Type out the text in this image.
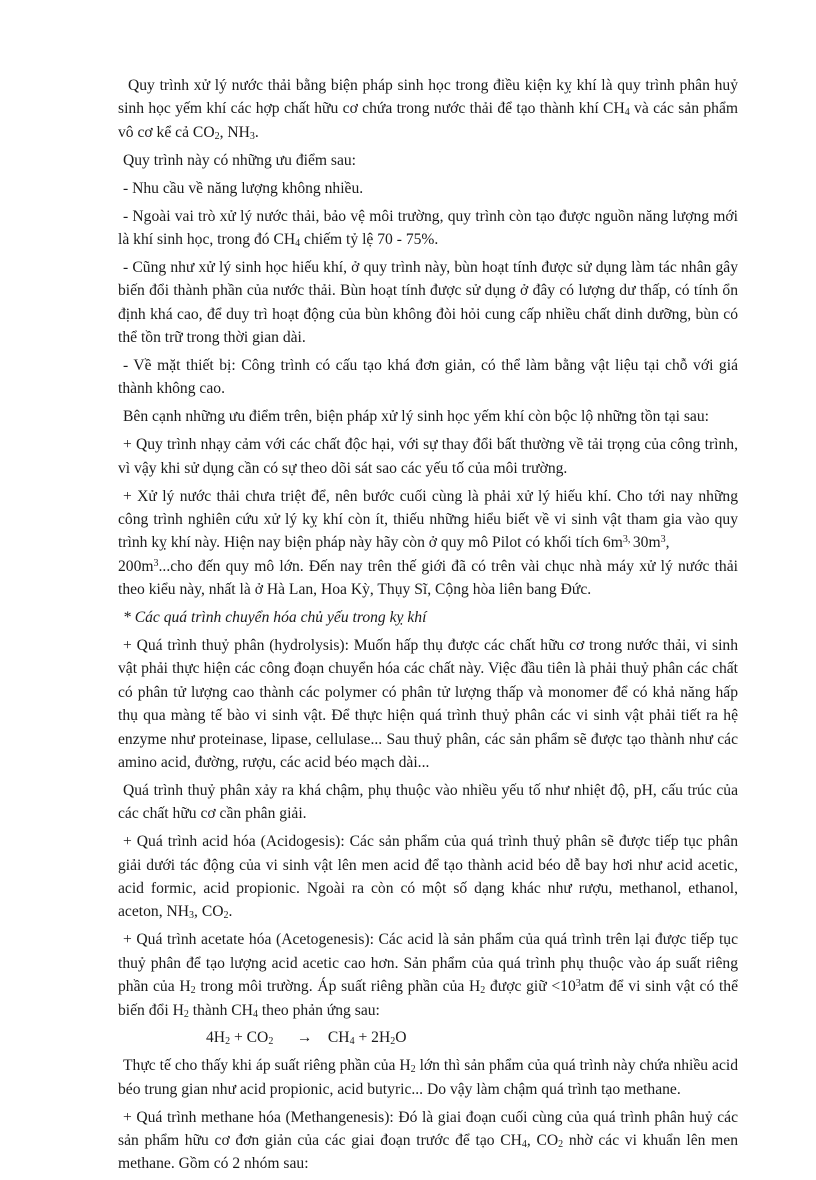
Quy trình xử lý nước thải bằng biện pháp sinh học trong điều kiện kỵ khí là quy trình phân huỷ sinh học yếm khí các hợp chất hữu cơ chứa trong nước thải để tạo thành khí $CH_4$ và các sản phẩm vô cơ kể cả $CO_2$, $NH_3$.

Quy trình này có những ưu điểm sau:

- Nhu cầu về năng lượng không nhiều.

- Ngoài vai trò xử lý nước thải, bảo vệ môi trường, quy trình còn tạo được nguồn năng lượng mới là khí sinh học, trong đó $CH_4$ chiếm tỷ lệ 70 - 75%.

- Cũng như xử lý sinh học hiếu khí, ở quy trình này, bùn hoạt tính được sử dụng làm tác nhân gây biến đổi thành phần của nước thải. Bùn hoạt tính được sử dụng ở đây có lượng dư thấp, có tính ổn định khá cao, để duy trì hoạt động của bùn không đòi hỏi cung cấp nhiều chất dinh dưỡng, bùn có thể tồn trữ trong thời gian dài.

- Về mặt thiết bị: Công trình có cấu tạo khá đơn giản, có thể làm bằng vật liệu tại chỗ với giá thành không cao.

Bên cạnh những ưu điểm trên, biện pháp xử lý sinh học yếm khí còn bộc lộ những tồn tại sau:

+ Quy trình nhạy cảm với các chất độc hại, với sự thay đổi bất thường về tải trọng của công trình, vì vậy khi sử dụng cần có sự theo dõi sát sao các yếu tố của môi trường.

+ Xử lý nước thải chưa triệt để, nên bước cuối cùng là phải xử lý hiếu khí. Cho tới nay những công trình nghiên cứu xử lý kỵ khí còn ít, thiếu những hiểu biết về vi sinh vật tham gia vào quy trình kỵ khí này. Hiện nay biện pháp này hãy còn ở quy mô Pilot có khối tích $6m^{3,}$ $30m^3$,
$200m^3...cho$ đến quy mô lớn. Đến nay trên thế giới đã có trên vài chục nhà máy xử lý nước thải theo kiểu này, nhất là ở Hà Lan, Hoa Kỳ, Thụy Sĩ, Cộng hòa liên bang Đức.

* Các quá trình chuyển hóa chủ yếu trong kỵ khí

+ Quá trình thuỷ phân (hydrolysis): Muốn hấp thụ được các chất hữu cơ trong nước thải, vi sinh vật phải thực hiện các công đoạn chuyển hóa các chất này. Việc đầu tiên là phải thuỷ phân các chất có phân tử lượng cao thành các polymer có phân tử lượng thấp và monomer để có khả năng hấp thụ qua màng tế bào vi sinh vật. Để thực hiện quá trình thuỷ phân các vi sinh vật phải tiết ra hệ enzyme như proteinase, lipase, cellulase... Sau thuỷ phân, các sản phẩm sẽ được tạo thành như các amino acid, đường, rượu, các acid béo mạch dài...

Quá trình thuỷ phân xảy ra khá chậm, phụ thuộc vào nhiều yếu tố như nhiệt độ, pH, cấu trúc của các chất hữu cơ cần phân giải.

+ Quá trình acid hóa (Acidogesis): Các sản phẩm của quá trình thuỷ phân sẽ được tiếp tục phân giải dưới tác động của vi sinh vật lên men acid để tạo thành acid béo dễ bay hơi như acid acetic, acid formic, acid propionic. Ngoài ra còn có một số dạng khác như rượu, methanol, ethanol, aceton, $NH_3$, $CO_2$.

+ Quá trình acetate hóa (Acetogenesis): Các acid là sản phẩm của quá trình trên lại được tiếp tục thuỷ phân để tạo lượng acid acetic cao hơn. Sản phẩm của quá trình phụ thuộc vào áp suất riêng phần của $H_2$ trong môi trường. Áp suất riêng phần của $H_2$ được giữ $<10^3atm$ để vi sinh vật có thể biến đổi $H_2$ thành $CH_4$ theo phản ứng sau:

$4H_2 + CO_2$      →    $CH_4 + 2H_2O$

Thực tế cho thấy khi áp suất riêng phần của $H_2$ lớn thì sản phẩm của quá trình này chứa nhiều acid béo trung gian như acid propionic, acid butyric... Do vậy làm chậm quá trình tạo methane.

+ Quá trình methane hóa (Methangenesis): Đó là giai đoạn cuối cùng của quá trình phân huỷ các sản phẩm hữu cơ đơn giản của các giai đoạn trước để tạo $CH_4$, $CO_2$ nhờ các vi khuẩn lên men methane. Gồm có 2 nhóm sau:
